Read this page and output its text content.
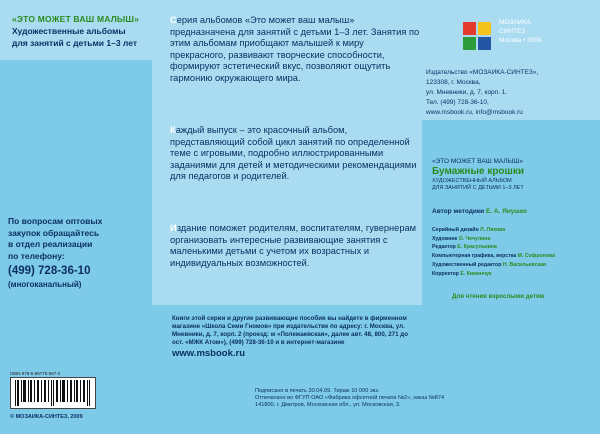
«ЭТО МОЖЕТ ВАШ МАЛЫШ»
Художественные альбомы
для занятий с детьми 1–3 лет
По вопросам оптовых
закупок обращайтесь
в отдел реализации
по телефону:
(499) 728-36-10
(многоканальный)
ISBN 978-5-86775-667-2
© МОЗАИКА-СИНТЕЗ, 2009
Серия альбомов «Это может ваш малыш» предназначена для занятий с детьми 1–3 лет. Занятия по этим альбомам приобщают малышей к миру прекрасного, развивают творческие способности, формируют эстетический вкус, позволяют ощутить гармонию окружающего мира.
Каждый выпуск – это красочный альбом, представляющий собой цикл занятий по определенной теме с игровыми, подробно иллюстрированными заданиями для детей и методическими рекомендациями для педагогов и родителей.
Издание поможет родителям, воспитателям, гувернерам организовать интересные развивающие занятия с маленькими детьми с учетом их возрастных и индивидуальных возможностей.
Книги этой серии и другие развивающие пособия вы найдете в фирменном магазине «Школа Семи Гномов» при издательстве по адресу: г. Москва, ул. Мневники, д. 7, корп. 2 (проезд: м «Полежаевская», далее авт. 48, 800, 271 до ост. «МЖК Атом»), (499) 728-36-10 и в интернет-магазине
www.msbook.ru
Подписано в печать 30.04.09. Тираж 10 000 экз.
Отпечатано во ФГУП ОАО «Фабрика офсетной печати №2», заказ №874
141800, г. Дмитров, Московская обл., ул. Московская, 3.
МОЗАИКА
СИНТЕЗ
Москва • 2009
Издательство «МОЗАИКА-СИНТЕЗ»,
123308, г. Москва,
ул. Мневники, д. 7, корп. 1.
Тел. (499) 728-36-10,
www.msbook.ru, info@msbook.ru
«ЭТО МОЖЕТ ВАШ МАЛЫШ»
Бумажные крошки
ХУДОЖЕСТВЕННЫЙ АЛЬБОМ
ДЛЯ ЗАНЯТИЙ С ДЕТЬМИ 1–3 ЛЕТ
Автор методики Е. А. Янушко
Серийный дизайн Л. Ляхова
Художник О. Чечулина
Редактор Е. Красулькина
Компьютерная графика, верстка М. Софронова
Художественный редактор Н. Васильевская
Корректор Е. Кименчук
Для чтения взрослыми детям
